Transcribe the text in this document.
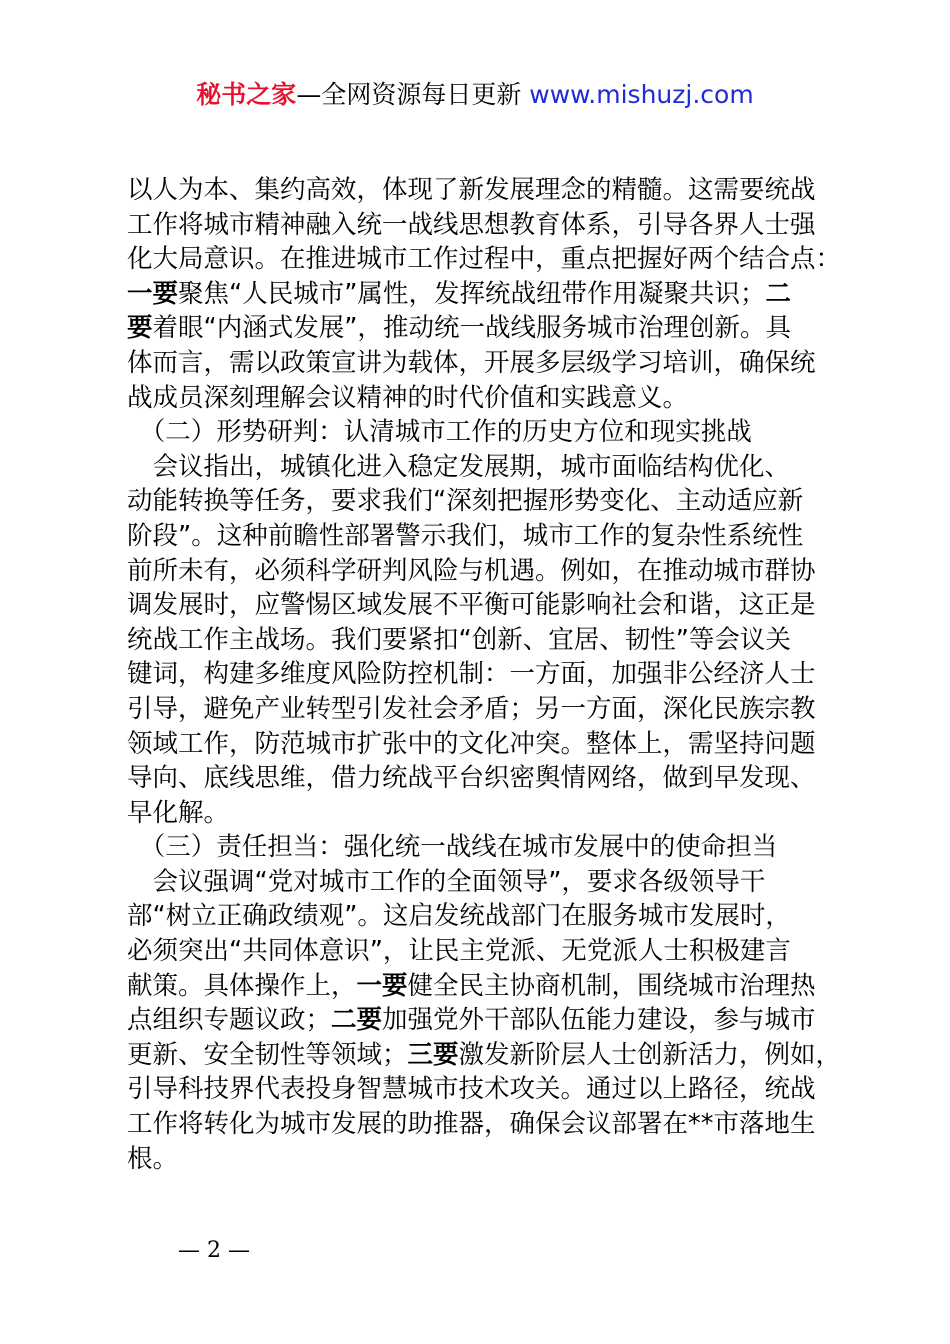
秘书之家—全网资源每日更新 www.mishuzj.com
以人为本、集约高效，体现了新发展理念的精髓。这需要统战
工作将城市精神融入统一战线思想教育体系，引导各界人士强
化大局意识。在推进城市工作过程中，重点把握好两个结合点：
一要聚焦“人民城市”属性，发挥统战纽带作用凝聚共识；二
要着眼“内涵式发展”，推动统一战线服务城市治理创新。具
体而言，需以政策宣讲为载体，开展多层级学习培训，确保统
战成员深刻理解会议精神的时代价值和实践意义。
　（二）形势研判：认清城市工作的历史方位和现实挑战
　会议指出，城镇化进入稳定发展期，城市面临结构优化、
动能转换等任务，要求我们“深刻把握形势变化、主动适应新
阶段”。这种前瞻性部署警示我们，城市工作的复杂性系统性
前所未有，必须科学研判风险与机遇。例如，在推动城市群协
调发展时，应警惕区域发展不平衡可能影响社会和谐，这正是
统战工作主战场。我们要紧扣“创新、宜居、韧性”等会议关
键词，构建多维度风险防控机制：一方面，加强非公经济人士
引导，避免产业转型引发社会矛盾；另一方面，深化民族宗教
领域工作，防范城市扩张中的文化冲突。整体上，需坚持问题
导向、底线思维，借力统战平台织密舆情网络，做到早发现、
早化解。
　（三）责任担当：强化统一战线在城市发展中的使命担当
　会议强调“党对城市工作的全面领导”，要求各级领导干
部“树立正确政绩观”。这启发统战部门在服务城市发展时，
必须突出“共同体意识”，让民主党派、无党派人士积极建言
献策。具体操作上，一要健全民主协商机制，围绕城市治理热
点组织专题议政；二要加强党外干部队伍能力建设，参与城市
更新、安全韧性等领域；三要激发新阶层人士创新活力，例如，
引导科技界代表投身智慧城市技术攻关。通过以上路径，统战
工作将转化为城市发展的助推器，确保会议部署在**市落地生
根。
— 2 —
